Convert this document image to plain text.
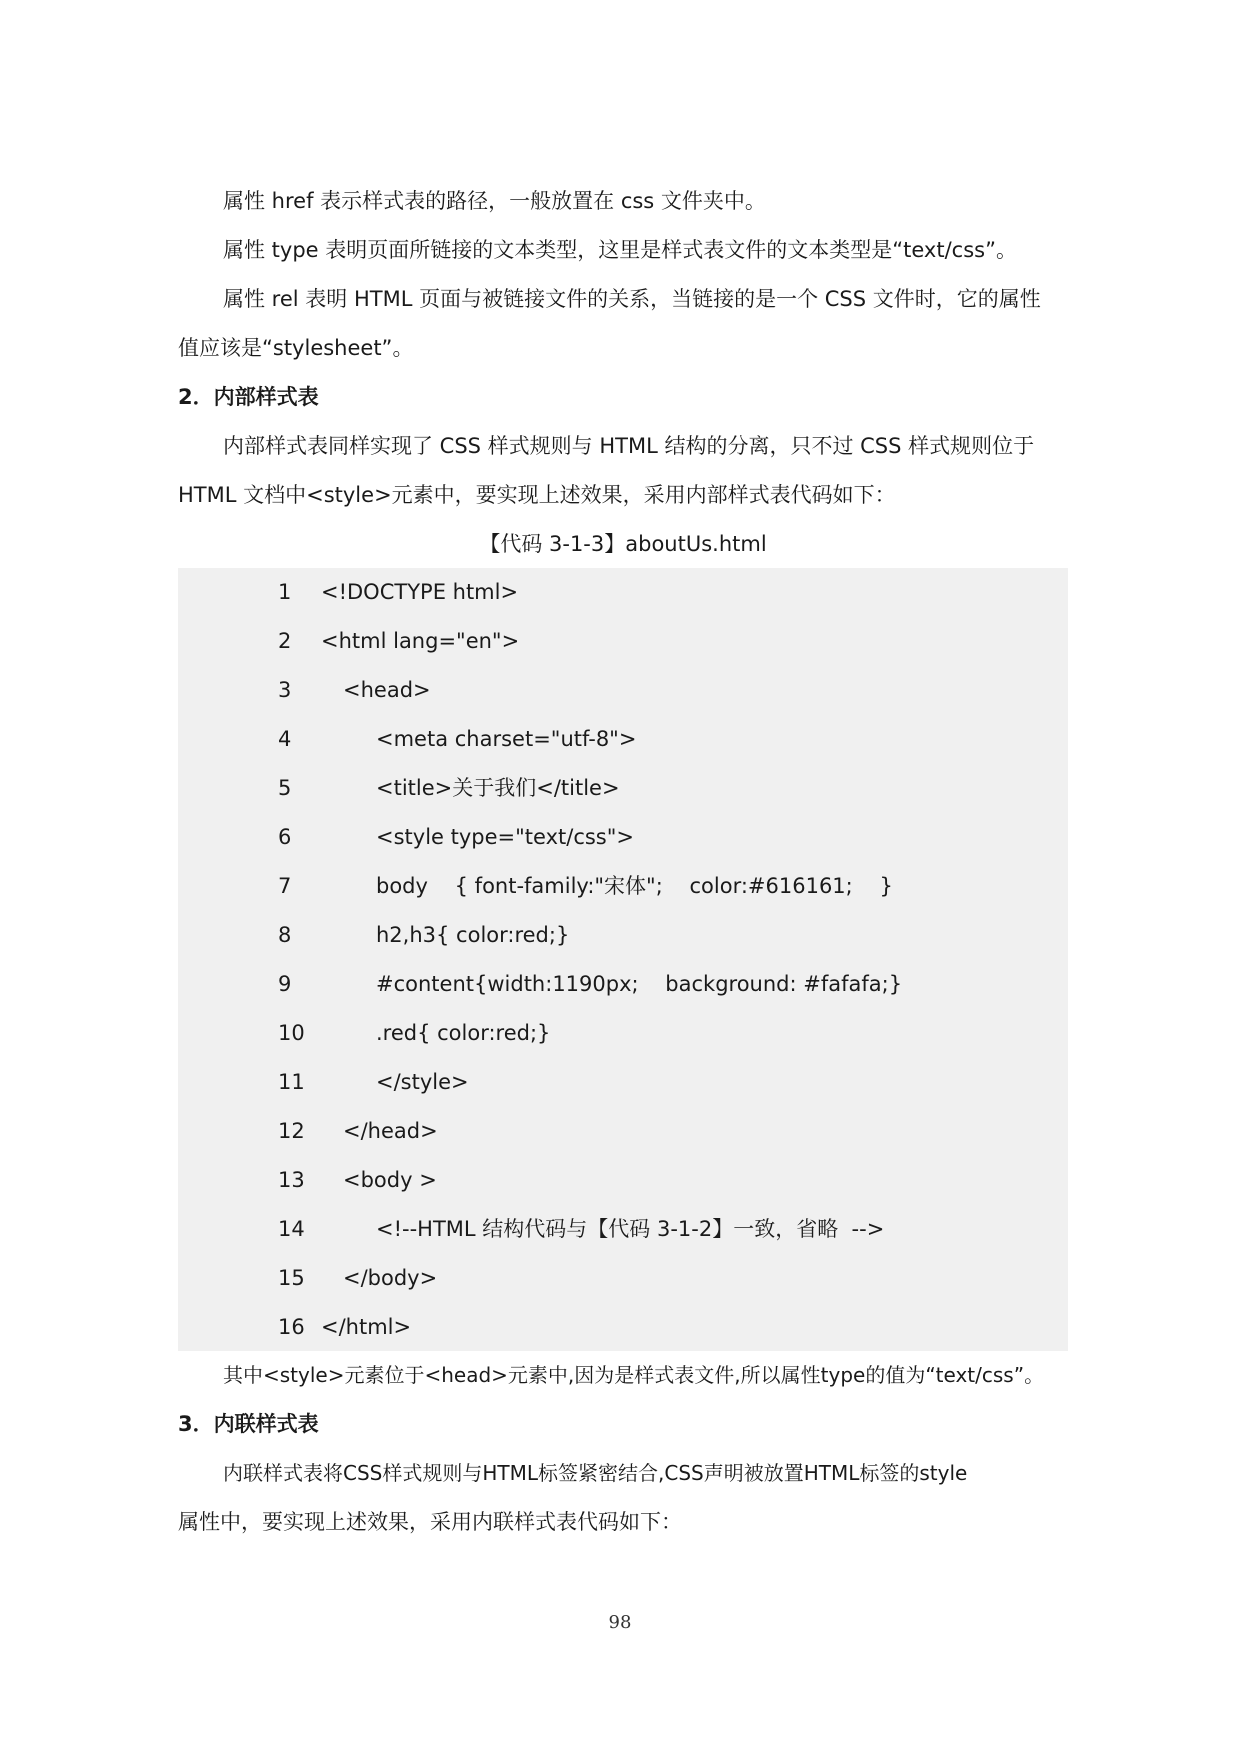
属性 href 表示样式表的路径，一般放置在 css 文件夹中。
属性 type 表明页面所链接的文本类型，这里是样式表文件的文本类型是“text/css”。
属性 rel 表明 HTML 页面与被链接文件的关系，当链接的是一个 CSS 文件时，它的属性
值应该是“stylesheet”。
2．内部样式表
内部样式表同样实现了 CSS 样式规则与 HTML 结构的分离，只不过 CSS 样式规则位于
HTML 文档中<style>元素中，要实现上述效果，采用内部样式表代码如下：
【代码 3-1-3】aboutUs.html
1 <!DOCTYPE html>
2 <html lang="en">
3 <head>
4	<meta charset="utf-8">
5	<title>关于我们</title>
6	<style type="text/css">
7	body    { font-family:"宋体";    color:#616161;    }
8	h2,h3{ color:red;}
9	#content{width:1190px;    background: #fafafa;}
10	.red{ color:red;}
11	</style>
12 </head>
13 <body >
14	<!--HTML 结构代码与【代码 3-1-2】一致，省略  -->
15 </body>
16 </html>
其中<style>元素位于<head>元素中,因为是样式表文件,所以属性type的值为“text/css”。
3．内联样式表
内联样式表将CSS样式规则与HTML标签紧密结合,CSS声明被放置HTML标签的style
属性中，要实现上述效果，采用内联样式表代码如下：
98
